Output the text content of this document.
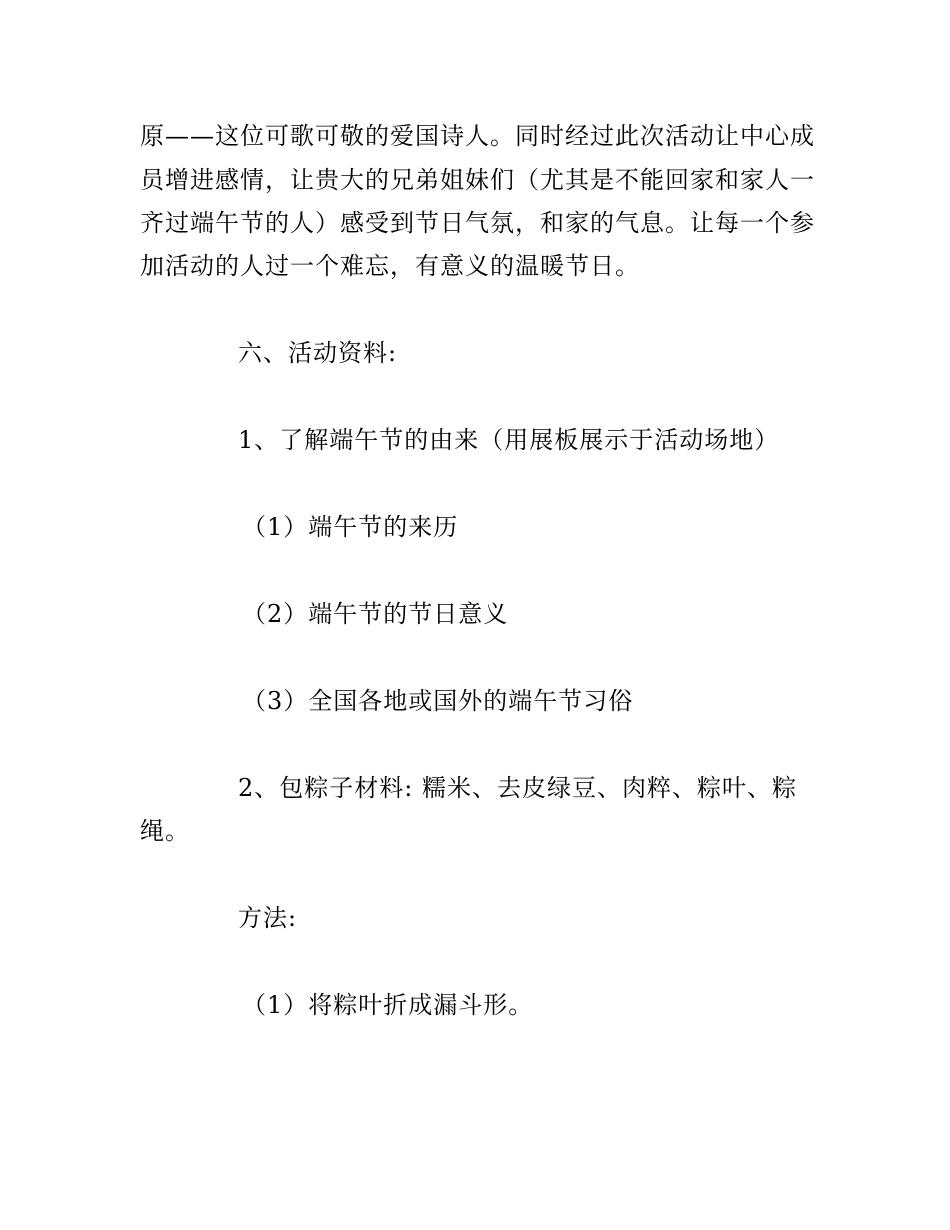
原——这位可歌可敬的爱国诗人。同时经过此次活动让中心成

员增进感情，让贵大的兄弟姐妹们（尤其是不能回家和家人一

齐过端午节的人）感受到节日气氛，和家的气息。让每一个参

加活动的人过一个难忘，有意义的温暖节日。

六、活动资料:

1、了解端午节的由来（用展板展示于活动场地）

（1）端午节的来历

（2）端午节的节日意义

（3）全国各地或国外的端午节习俗

2、包粽子材料: 糯米、去皮绿豆、肉粹、粽叶、粽

绳。

方法:

（1）将粽叶折成漏斗形。
